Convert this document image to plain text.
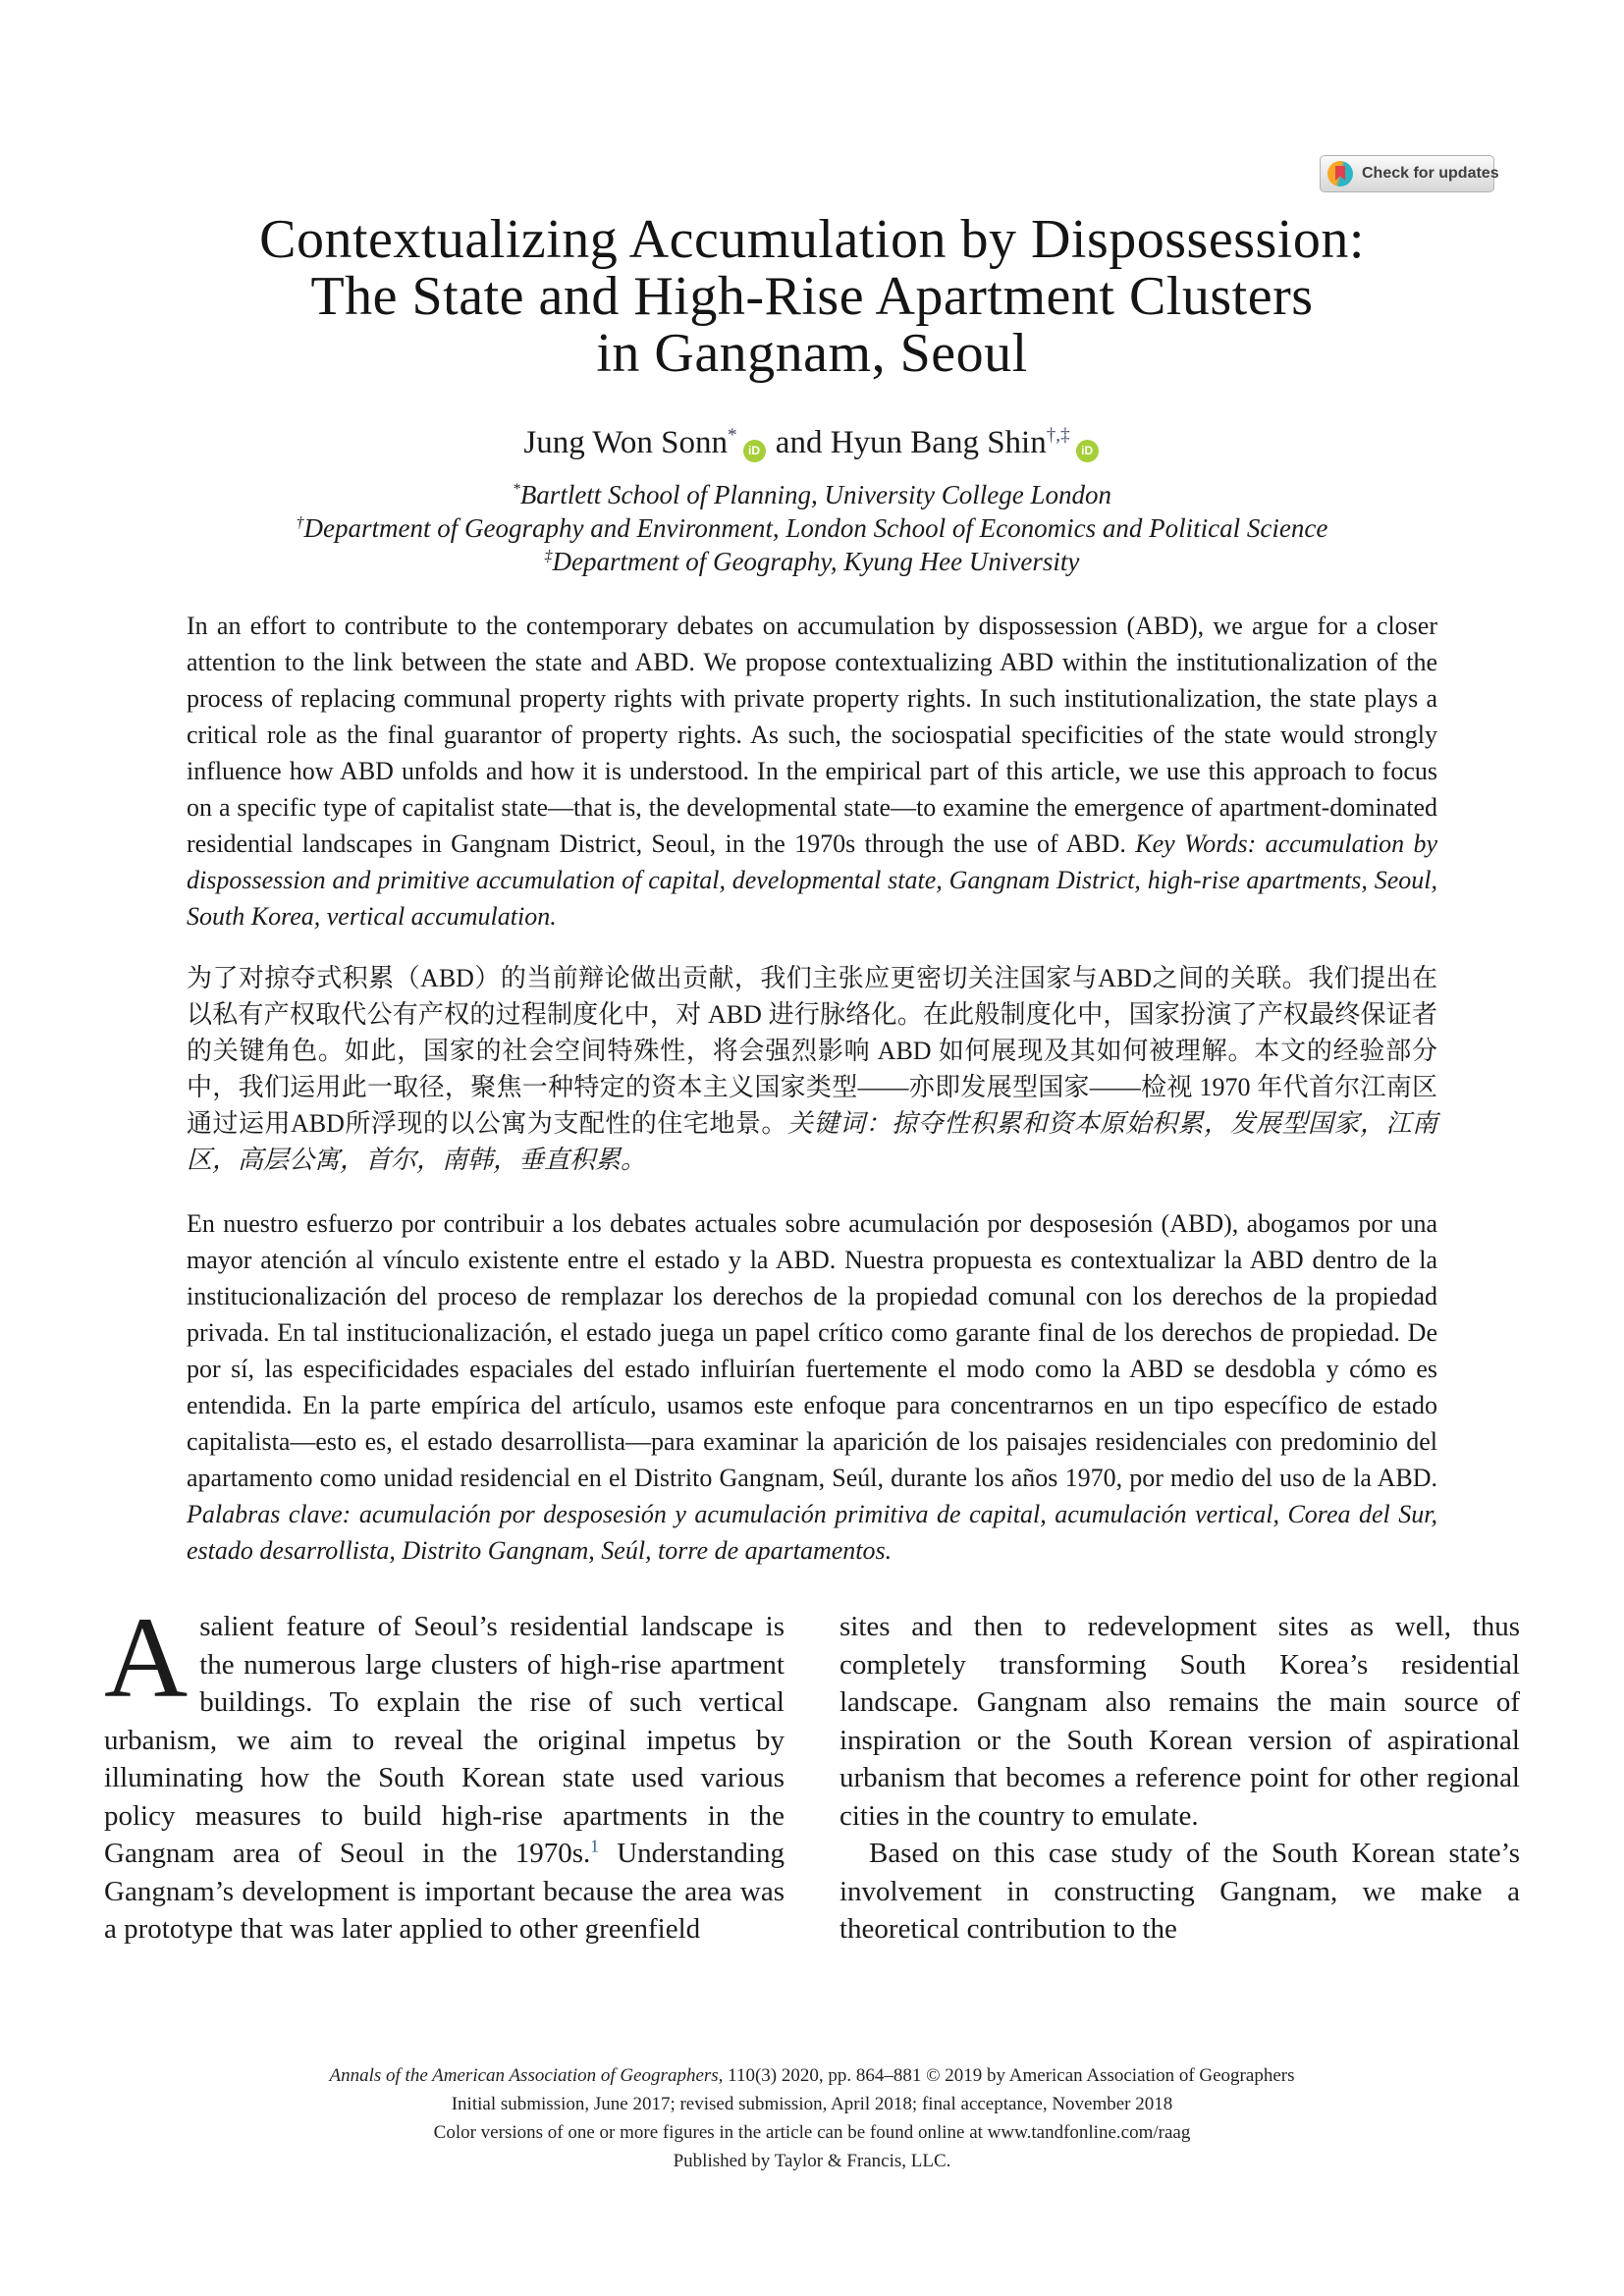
Check for updates
Contextualizing Accumulation by Dispossession:
The State and High-Rise Apartment Clusters
in Gangnam, Seoul
Jung Won Sonn*iD and Hyun Bang Shin†,‡iD
*Bartlett School of Planning, University College London
†Department of Geography and Environment, London School of Economics and Political Science
‡Department of Geography, Kyung Hee University

In an effort to contribute to the contemporary debates on accumulation by dispossession (ABD), we argue for a closer attention to the link between the state and ABD. We propose contextualizing ABD within the institutionalization of the process of replacing communal property rights with private property rights. In such institutionalization, the state plays a critical role as the final guarantor of property rights. As such, the sociospatial specificities of the state would strongly influence how ABD unfolds and how it is understood. In the empirical part of this article, we use this approach to focus on a specific type of capitalist state—that is, the developmental state—to examine the emergence of apartment-dominated residential landscapes in Gangnam District, Seoul, in the 1970s through the use of ABD. Key Words: accumulation by dispossession and primitive accumulation of capital, developmental state, Gangnam District, high-rise apartments, Seoul, South Korea, vertical accumulation.

为了对掠夺式积累（ABD）的当前辩论做出贡献，我们主张应更密切关注国家与ABD之间的关联。我们提出在以私有产权取代公有产权的过程制度化中，对 ABD 进行脉络化。在此般制度化中，国家扮演了产权最终保证者的关键角色。如此，国家的社会空间特殊性，将会强烈影响 ABD 如何展现及其如何被理解。本文的经验部分中，我们运用此一取径，聚焦一种特定的资本主义国家类型——亦即发展型国家——检视 1970 年代首尔江南区通过运用ABD所浮现的以公寓为支配性的住宅地景。关键词：掠夺性积累和资本原始积累，发展型国家，江南区，高层公寓，首尔，南韩，垂直积累。

En nuestro esfuerzo por contribuir a los debates actuales sobre acumulación por desposesión (ABD), abogamos por una mayor atención al vínculo existente entre el estado y la ABD. Nuestra propuesta es contextualizar la ABD dentro de la institucionalización del proceso de remplazar los derechos de la propiedad comunal con los derechos de la propiedad privada. En tal institucionalización, el estado juega un papel crítico como garante final de los derechos de propiedad. De por sí, las especificidades espaciales del estado influirían fuertemente el modo como la ABD se desdobla y cómo es entendida. En la parte empírica del artículo, usamos este enfoque para concentrarnos en un tipo específico de estado capitalista—esto es, el estado desarrollista—para examinar la aparición de los paisajes residenciales con predominio del apartamento como unidad residencial en el Distrito Gangnam, Seúl, durante los años 1970, por medio del uso de la ABD. Palabras clave: acumulación por desposesión y acumulación primitiva de capital, acumulación vertical, Corea del Sur, estado desarrollista, Distrito Gangnam, Seúl, torre de apartamentos.

A salient feature of Seoul’s residential landscape is the numerous large clusters of high-rise apartment buildings. To explain the rise of such vertical urbanism, we aim to reveal the original impetus by illuminating how the South Korean state used various policy measures to build high-rise apartments in the Gangnam area of Seoul in the 1970s.$^1$ Understanding Gangnam’s development is important because the area was a prototype that was later applied to other greenfield

sites and then to redevelopment sites as well, thus completely transforming South Korea’s residential landscape. Gangnam also remains the main source of inspiration or the South Korean version of aspirational urbanism that becomes a reference point for other regional cities in the country to emulate.

Based on this case study of the South Korean state’s involvement in constructing Gangnam, we make a theoretical contribution to the

Annals of the American Association of Geographers, 110(3) 2020, pp. 864–881 © 2019 by American Association of Geographers
Initial submission, June 2017; revised submission, April 2018; final acceptance, November 2018
Color versions of one or more figures in the article can be found online at www.tandfonline.com/raag
Published by Taylor & Francis, LLC.
